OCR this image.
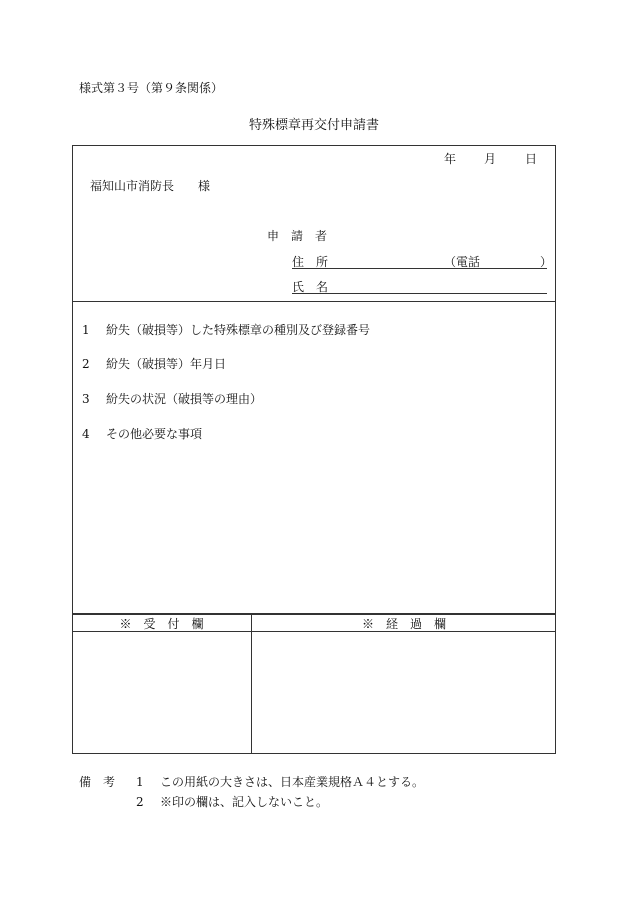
様式第３号（第９条関係）
特殊標章再交付申請書
年 月 日
福知山市消防長　　様
申　請　者
住　所	（電話　　　　　）
氏　名
1 紛失（破損等）した特殊標章の種別及び登録番号
2 紛失（破損等）年月日
3 紛失の状況（破損等の理由）
4 その他必要な事項
※　受　付　欄	※　経　過　欄
備　考 1 この用紙の大きさは、日本産業規格Ａ４とする。
2 ※印の欄は、記入しないこと。
